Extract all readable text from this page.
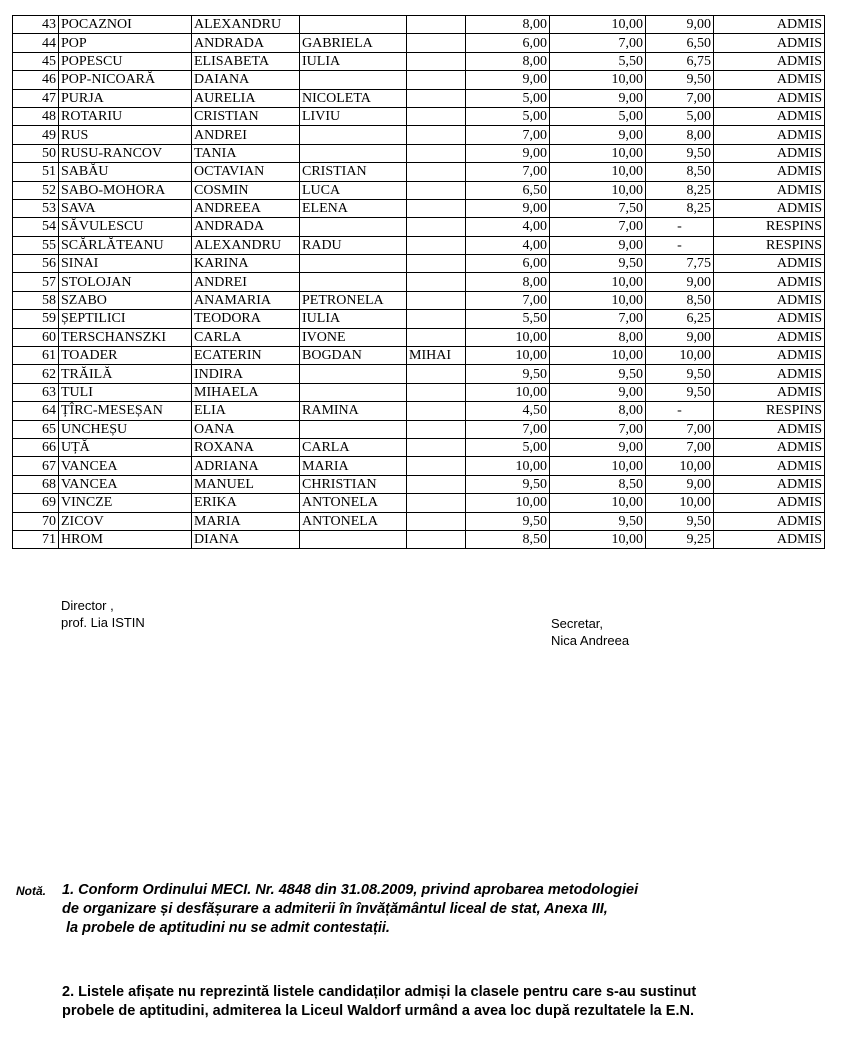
43	POCAZNOI	ALEXANDRU			8,00	10,00	9,00	ADMIS
44	POP	ANDRADA	GABRIELA		6,00	7,00	6,50	ADMIS
45	POPESCU	ELISABETA	IULIA		8,00	5,50	6,75	ADMIS
46	POP-NICOARĂ	DAIANA			9,00	10,00	9,50	ADMIS
47	PURJA	AURELIA	NICOLETA		5,00	9,00	7,00	ADMIS
48	ROTARIU	CRISTIAN	LIVIU		5,00	5,00	5,00	ADMIS
49	RUS	ANDREI			7,00	9,00	8,00	ADMIS
50	RUSU-RANCOV	TANIA			9,00	10,00	9,50	ADMIS
51	SABĂU	OCTAVIAN	CRISTIAN		7,00	10,00	8,50	ADMIS
52	SABO-MOHORA	COSMIN	LUCA		6,50	10,00	8,25	ADMIS
53	SAVA	ANDREEA	ELENA		9,00	7,50	8,25	ADMIS
54	SĂVULESCU	ANDRADA			4,00	7,00	-	RESPINS
55	SCĂRLĂTEANU	ALEXANDRU	RADU		4,00	9,00	-	RESPINS
56	SINAI	KARINA			6,00	9,50	7,75	ADMIS
57	STOLOJAN	ANDREI			8,00	10,00	9,00	ADMIS
58	SZABO	ANAMARIA	PETRONELA		7,00	10,00	8,50	ADMIS
59	ȘEPTILICI	TEODORA	IULIA		5,50	7,00	6,25	ADMIS
60	TERSCHANSZKI	CARLA	IVONE		10,00	8,00	9,00	ADMIS
61	TOADER	ECATERIN	BOGDAN	MIHAI	10,00	10,00	10,00	ADMIS
62	TRĂILĂ	INDIRA			9,50	9,50	9,50	ADMIS
63	TULI	MIHAELA			10,00	9,00	9,50	ADMIS
64	ȚÎRC-MESEȘAN	ELIA	RAMINA		4,50	8,00	-	RESPINS
65	UNCHEȘU	OANA			7,00	7,00	7,00	ADMIS
66	UȚĂ	ROXANA	CARLA		5,00	9,00	7,00	ADMIS
67	VANCEA	ADRIANA	MARIA		10,00	10,00	10,00	ADMIS
68	VANCEA	MANUEL	CHRISTIAN		9,50	8,50	9,00	ADMIS
69	VINCZE	ERIKA	ANTONELA		10,00	10,00	10,00	ADMIS
70	ZICOV	MARIA	ANTONELA		9,50	9,50	9,50	ADMIS
71	HROM	DIANA			8,50	10,00	9,25	ADMIS
Director ,
prof. Lia ISTIN	Secretar,
Nica Andreea
Notă. 1. Conform Ordinului MECI. Nr. 4848 din 31.08.2009, privind aprobarea metodologiei
de organizare și desfășurare a admiterii în învățământul liceal de stat, Anexa III,
la probele de aptitudini nu se admit contestații.
2. Listele afișate nu reprezintă listele candidaților admiși la clasele pentru care s-au sustinut
probele de aptitudini, admiterea la Liceul Waldorf urmând a avea loc după rezultatele la E.N.
